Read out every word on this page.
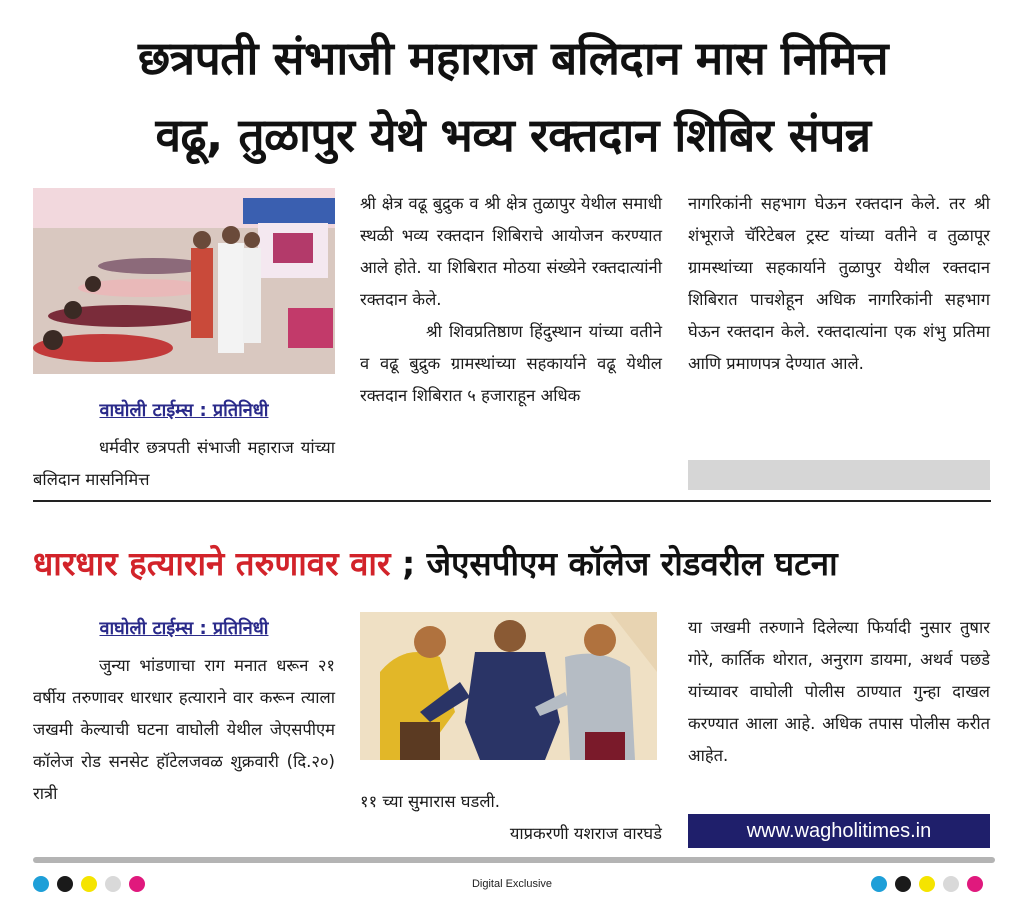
छत्रपती संभाजी महाराज बलिदान मास निमित्त
वढू, तुळापुर येथे भव्य रक्तदान शिबिर संपन्न
वाघोली टाईम्स : प्रतिनिधी
धर्मवीर छत्रपती संभाजी महाराज यांच्या बलिदान मासनिमित्त

श्री क्षेत्र वढू बुद्रुक व श्री क्षेत्र तुळापुर येथील समाधी स्थळी भव्य रक्तदान शिबिराचे आयोजन करण्यात आले होते. या शिबिरात मोठया संख्येने रक्तदात्यांनी रक्तदान केले.

श्री शिवप्रतिष्ठाण हिंदुस्थान यांच्या वतीने व वढू बुद्रुक ग्रामस्थांच्या सहकार्याने वढू येथील रक्तदान शिबिरात ५ हजाराहून अधिक

नागरिकांनी सहभाग घेऊन रक्तदान केले. तर श्री शंभूराजे चॅरिटेबल ट्रस्ट यांच्या वतीने व तुळापूर ग्रामस्थांच्या सहकार्याने तुळापुर येथील रक्तदान शिबिरात पाचशेहून अधिक नागरिकांनी सहभाग घेऊन रक्तदान केले. रक्तदात्यांना एक शंभु प्रतिमा आणि प्रमाणपत्र देण्यात आले.
धारधार हत्याराने तरुणावर वार ; जेएसपीएम कॉलेज रोडवरील घटना
वाघोली टाईम्स : प्रतिनिधी
जुन्या भांडणाचा राग मनात धरून २१ वर्षीय तरुणावर धारधार हत्याराने वार करून त्याला जखमी केल्याची घटना वाघोली येथील जेएसपीएम कॉलेज रोड सनसेट हॉटेलजवळ शुक्रवारी (दि.२०) रात्री	११ च्या सुमारास घडली.

याप्रकरणी यशराज वारघडे

या जखमी तरुणाने दिलेल्या फिर्यादी नुसार तुषार गोरे, कार्तिक थोरात, अनुराग डायमा, अथर्व पछडे यांच्यावर वाघोली पोलीस ठाण्यात गुन्हा दाखल करण्यात आला आहे. अधिक तपास पोलीस करीत आहेत.
www.wagholitimes.in
Digital Exclusive
